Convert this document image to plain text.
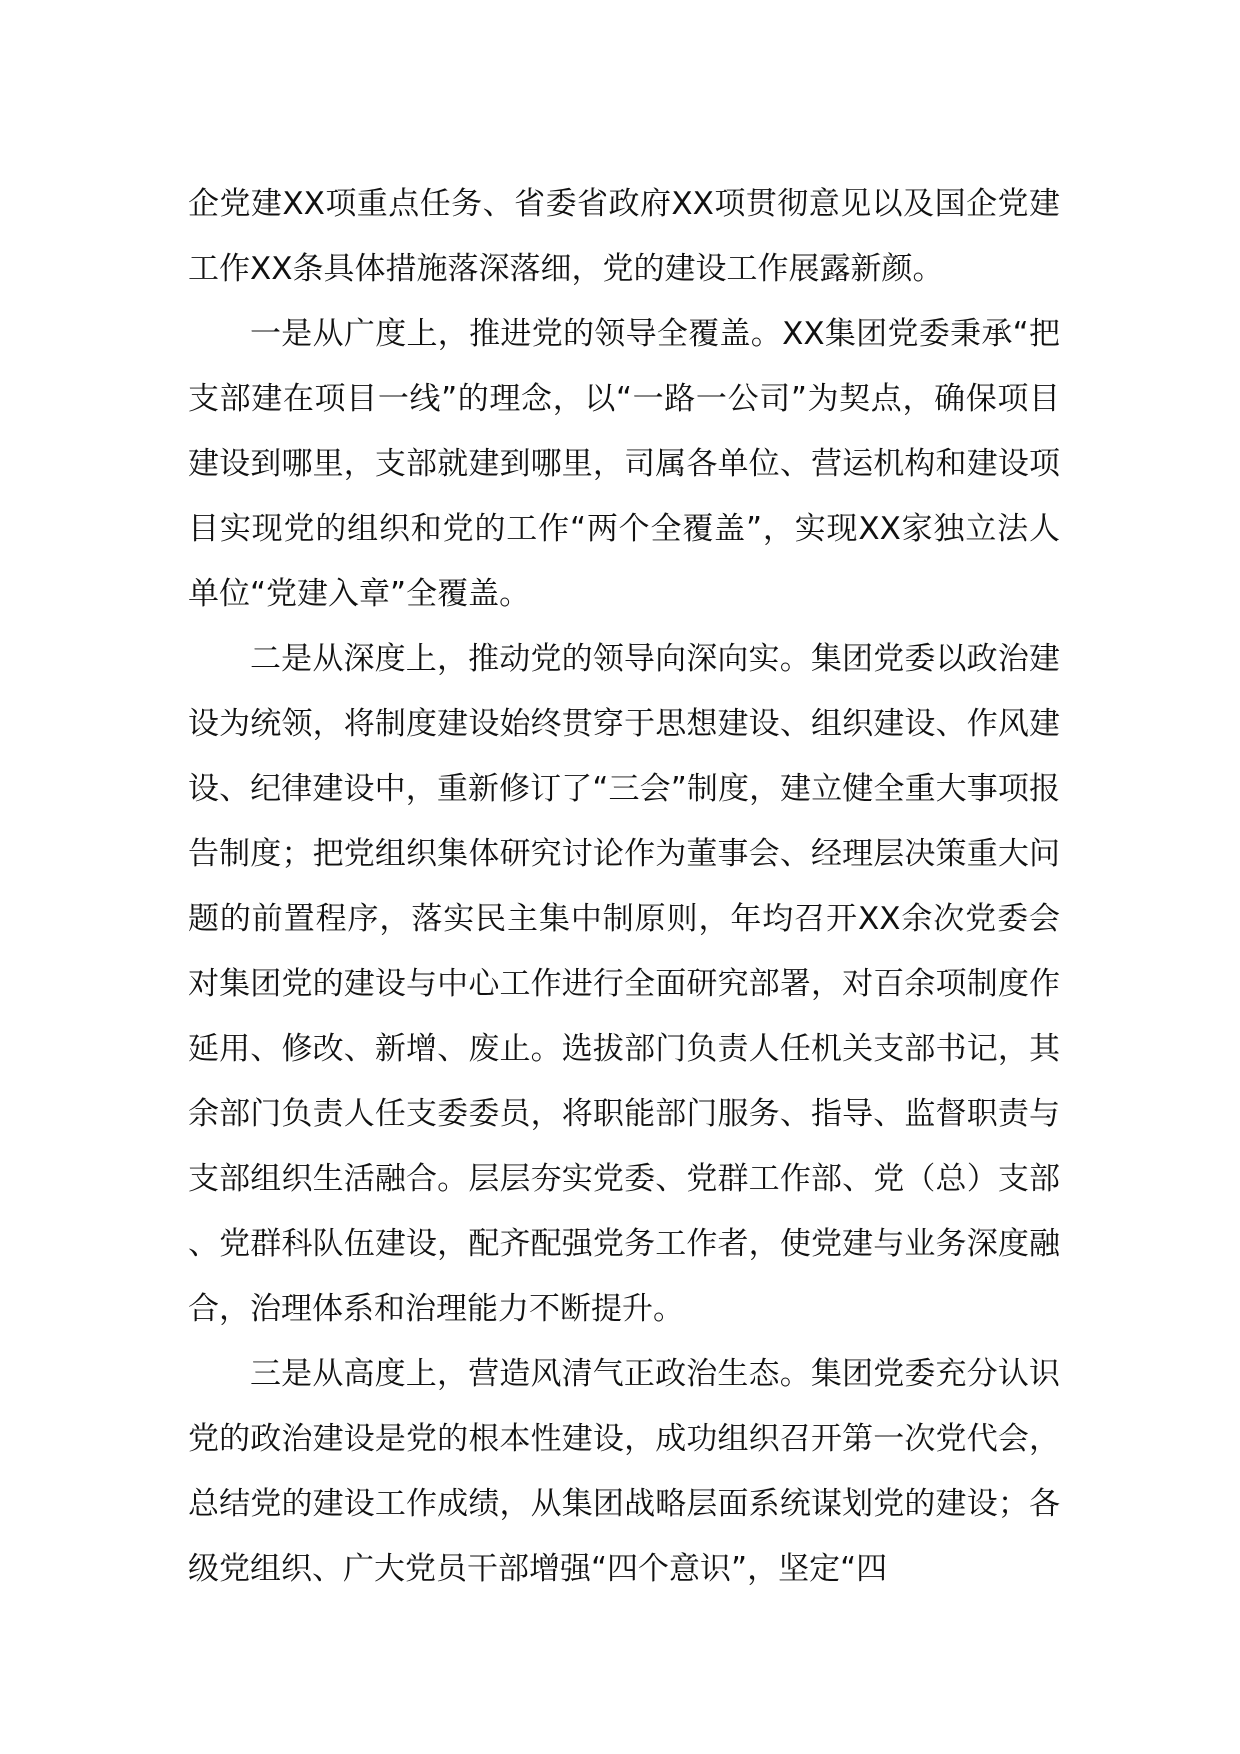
企党建XX项重点任务、省委省政府XX项贯彻意见以及国企党建工作XX条具体措施落深落细，党的建设工作展露新颜。

一是从广度上，推进党的领导全覆盖。XX集团党委秉承“把支部建在项目一线”的理念，以“一路一公司”为契点，确保项目建设到哪里，支部就建到哪里，司属各单位、营运机构和建设项目实现党的组织和党的工作“两个全覆盖”，实现XX家独立法人单位“党建入章”全覆盖。

二是从深度上，推动党的领导向深向实。集团党委以政治建设为统领，将制度建设始终贯穿于思想建设、组织建设、作风建设、纪律建设中，重新修订了“三会”制度，建立健全重大事项报告制度；把党组织集体研究讨论作为董事会、经理层决策重大问题的前置程序，落实民主集中制原则，年均召开XX余次党委会对集团党的建设与中心工作进行全面研究部署，对百余项制度作延用、修改、新增、废止。选拔部门负责人任机关支部书记，其余部门负责人任支委委员，将职能部门服务、指导、监督职责与支部组织生活融合。层层夯实党委、党群工作部、党（总）支部、党群科队伍建设，配齐配强党务工作者，使党建与业务深度融合，治理体系和治理能力不断提升。

三是从高度上，营造风清气正政治生态。集团党委充分认识党的政治建设是党的根本性建设，成功组织召开第一次党代会，总结党的建设工作成绩，从集团战略层面系统谋划党的建设；各级党组织、广大党员干部增强“四个意识”，坚定“四
